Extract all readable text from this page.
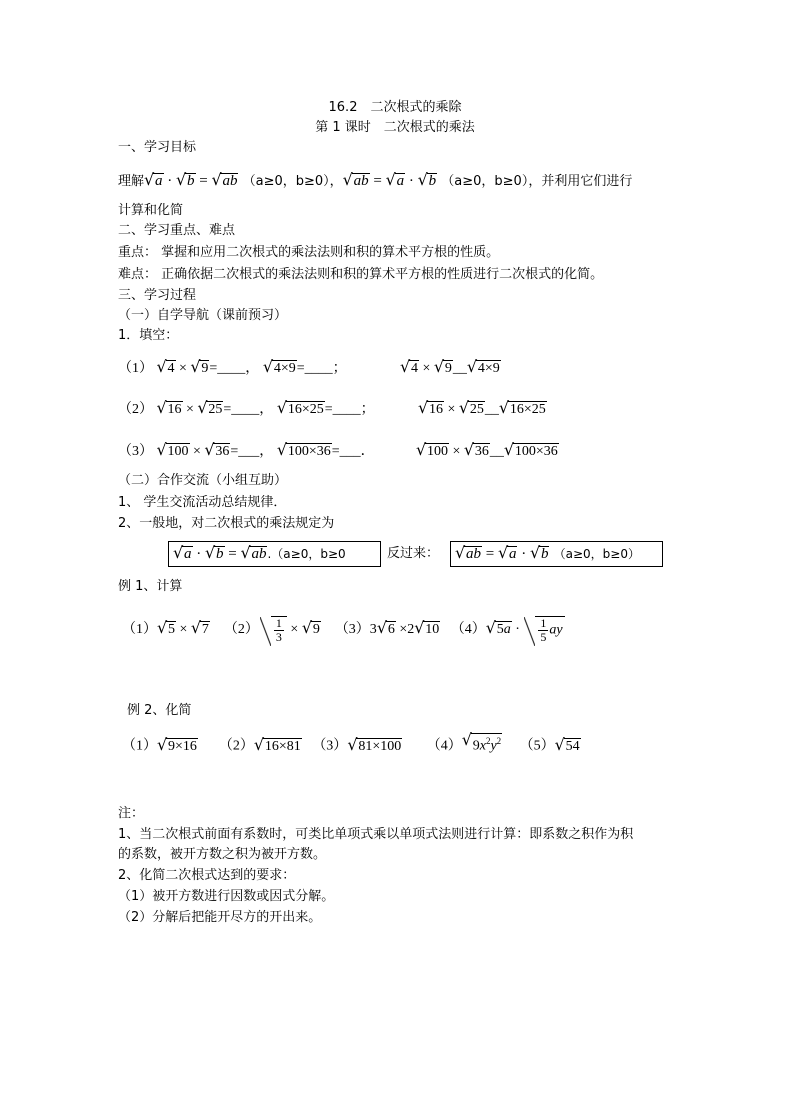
16.2　二次根式的乘除
第 1 课时　二次根式的乘法
一、学习目标
理解 √ a · √ b = √ ab （a≥0，b≥0）， √ ab = √ a · √ b （a≥0，b≥0），并利用它们进行
计算和化简
二、学习重点、难点
重点： 掌握和应用二次根式的乘法法则和积的算术平方根的性质。
难点： 正确依据二次根式的乘法法则和积的算术平方根的性质进行二次根式的化简。
三、学习过程
（一）自学导航（课前预习）
1．填空：
（1） √ 4 × √ 9=____， √ 4×9=____；	√ 4 × √ 9__ √ 4×9
（2） √ 16 × √ 25=____， √ 16×25=____；	√ 16 × √ 25__ √ 16×25
（3） √ 100 × √ 36=___， √ 100×36=___．	√ 100 × √ 36__ √ 100×36
（二）合作交流（小组互助）
1、 学生交流活动总结规律．
2、一般地，对二次根式的乘法规定为
√ a · √ b = √ ab.（a≥0，b≥0	反过来：	√ ab = √ a · √ b （a≥0，b≥0）
例 1、计算
（1） √ 5 × √ 7 $(2) \frac{1}{3}$ × √ 9 （3）3 √ 6 ×2 √ 10 （4） √ $5a \cdot \frac{1}{5}$ ay
例 2、化简
（1） √ 9×16 （2） √ 16×81 （3） √ 81×100 （4） √ $9x^2y^2$ （5） √ 54
注：
1、当二次根式前面有系数时，可类比单项式乘以单项式法则进行计算：即系数之积作为积
的系数，被开方数之积为被开方数。
2、化简二次根式达到的要求：
（1）被开方数进行因数或因式分解。
（2）分解后把能开尽方的开出来。
